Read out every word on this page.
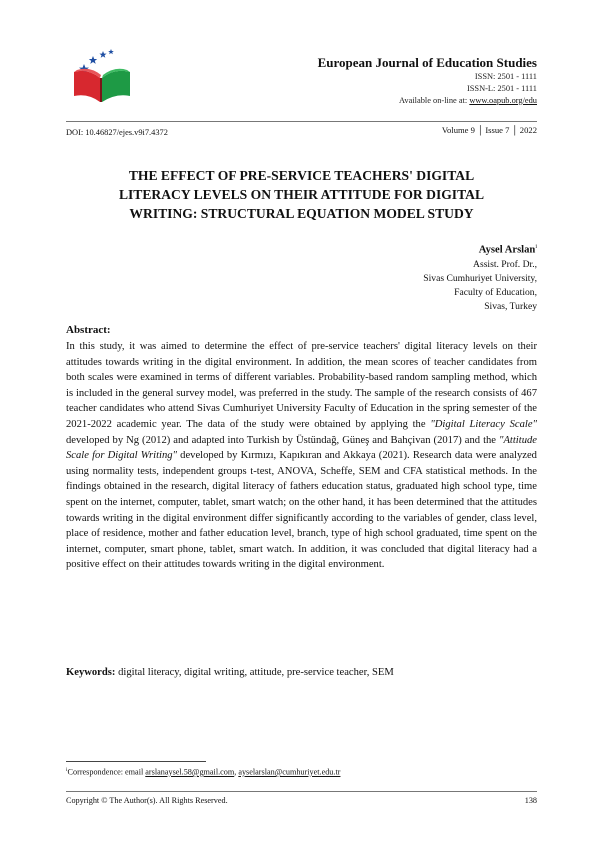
European Journal of Education Studies
ISSN: 2501 - 1111
ISSN-L: 2501 - 1111
Available on-line at: www.oapub.org/edu
Volume 9 │ Issue 7 │ 2022
DOI: 10.46827/ejes.v9i7.4372
THE EFFECT OF PRE-SERVICE TEACHERS' DIGITAL
LITERACY LEVELS ON THEIR ATTITUDE FOR DIGITAL
WRITING: STRUCTURAL EQUATION MODEL STUDY
Aysel Arslan$^i$
Assist. Prof. Dr.,
Sivas Cumhuriyet University,
Faculty of Education,
Sivas, Turkey
Abstract:
In this study, it was aimed to determine the effect of pre-service teachers' digital literacy levels on their attitudes towards writing in the digital environment. In addition, the mean scores of teacher candidates from both scales were examined in terms of different variables. Probability-based random sampling method, which is included in the general survey model, was preferred in the study. The sample of the research consists of 467 teacher candidates who attend Sivas Cumhuriyet University Faculty of Education in the spring semester of the 2021-2022 academic year. The data of the study were obtained by applying the "Digital Literacy Scale" developed by Ng (2012) and adapted into Turkish by Üstündağ, Güneş and Bahçivan (2017) and the "Attitude Scale for Digital Writing" developed by Kırmızı, Kapıkıran and Akkaya (2021). Research data were analyzed using normality tests, independent groups t-test, ANOVA, Scheffe, SEM and CFA statistical methods. In the findings obtained in the research, digital literacy of fathers education status, graduated high school type, time spent on the internet, computer, tablet, smart watch; on the other hand, it has been determined that the attitudes towards writing in the digital environment differ significantly according to the variables of gender, class level, place of residence, mother and father education level, branch, type of high school graduated, time spent on the internet, computer, smart phone, tablet, smart watch. In addition, it was concluded that digital literacy had a positive effect on their attitudes towards writing in the digital environment.
Keywords: digital literacy, digital writing, attitude, pre-service teacher, SEM
$^i$Correspondence: email arslanaysel.58@gmail.com, ayselarslan@cumhuriyet.edu.tr
Copyright © The Author(s). All Rights Reserved.	138
